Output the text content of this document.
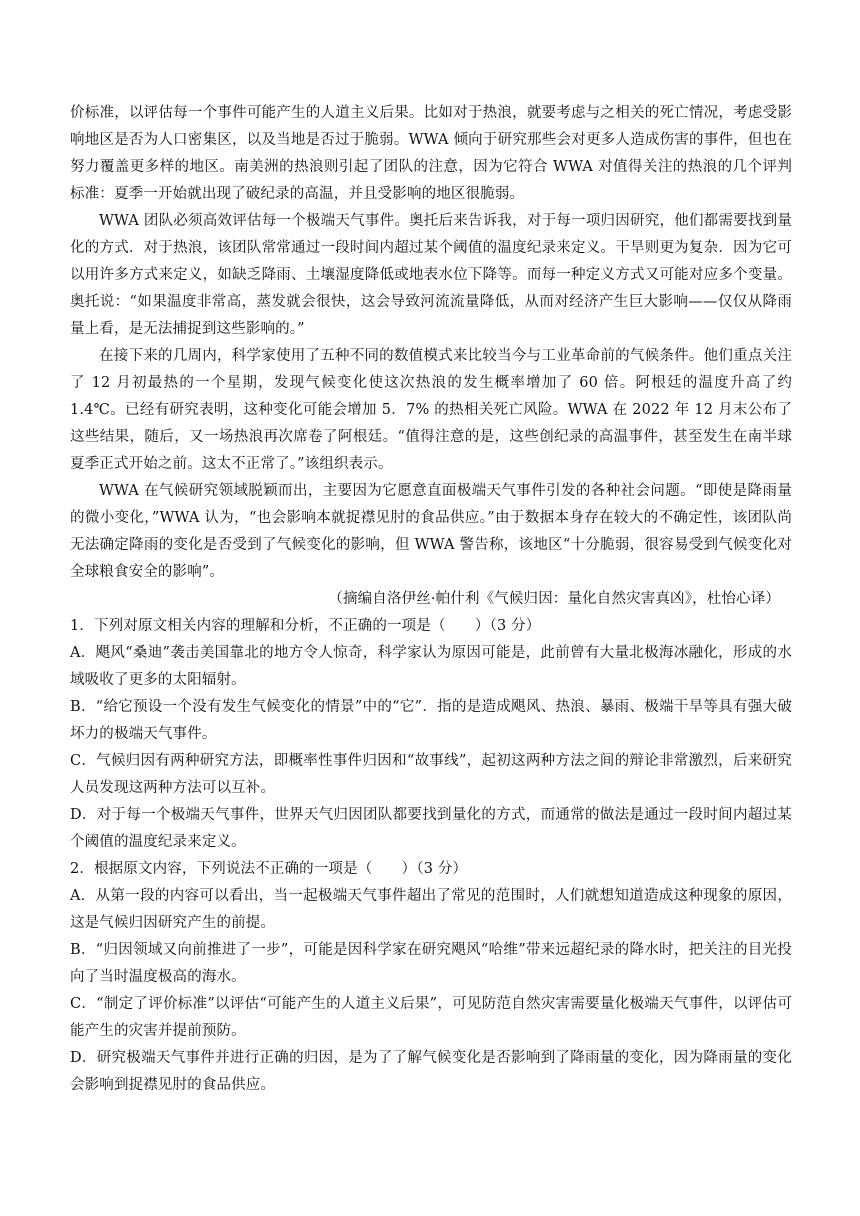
价标准，以评估每一个事件可能产生的人道主义后果。比如对于热浪，就要考虑与之相关的死亡情况，考虑受影响地区是否为人口密集区，以及当地是否过于脆弱。WWA 倾向于研究那些会对更多人造成伤害的事件，但也在努力覆盖更多样的地区。南美洲的热浪则引起了团队的注意，因为它符合 WWA 对值得关注的热浪的几个评判标准：夏季一开始就出现了破纪录的高温，并且受影响的地区很脆弱。

WWA 团队必须高效评估每一个极端天气事件。奥托后来告诉我，对于每一项归因研究，他们都需要找到量化的方式．对于热浪，该团队常常通过一段时间内超过某个阈值的温度纪录来定义。干旱则更为复杂．因为它可以用许多方式来定义，如缺乏降雨、土壤湿度降低或地表水位下降等。而每一种定义方式又可能对应多个变量。奥托说：“如果温度非常高，蒸发就会很快，这会导致河流流量降低，从而对经济产生巨大影响——仅仅从降雨量上看，是无法捕捉到这些影响的。”

在接下来的几周内，科学家使用了五种不同的数值模式来比较当今与工业革命前的气候条件。他们重点关注了 12 月初最热的一个星期，发现气候变化使这次热浪的发生概率增加了 60 倍。阿根廷的温度升高了约 1.4℃。已经有研究表明，这种变化可能会增加 5．7% 的热相关死亡风险。WWA 在 2022 年 12 月末公布了这些结果，随后，又一场热浪再次席卷了阿根廷。“值得注意的是，这些创纪录的高温事件，甚至发生在南半球夏季正式开始之前。这太不正常了。”该组织表示。

WWA 在气候研究领域脱颖而出，主要因为它愿意直面极端天气事件引发的各种社会问题。“即使是降雨量的微小变化，”WWA 认为，“也会影响本就捉襟见肘的食品供应。”由于数据本身存在较大的不确定性，该团队尚无法确定降雨的变化是否受到了气候变化的影响，但 WWA 警告称，该地区“十分脆弱，很容易受到气候变化对全球粮食安全的影响”。

（摘编自洛伊丝·帕什利《气候归因：量化自然灾害真凶》，杜怡心译）

1．下列对原文相关内容的理解和分析，不正确的一项是（　　）（3 分）

A．飓风“桑迪”袭击美国靠北的地方令人惊奇，科学家认为原因可能是，此前曾有大量北极海冰融化，形成的水域吸收了更多的太阳辐射。

B．“给它预设一个没有发生气候变化的情景”中的“它”．指的是造成飓风、热浪、暴雨、极端干旱等具有强大破坏力的极端天气事件。

C．气候归因有两种研究方法，即概率性事件归因和“故事线”，起初这两种方法之间的辩论非常激烈，后来研究人员发现这两种方法可以互补。

D．对于每一个极端天气事件，世界天气归因团队都要找到量化的方式，而通常的做法是通过一段时间内超过某个阈值的温度纪录来定义。

2．根据原文内容，下列说法不正确的一项是（　　）（3 分）

A．从第一段的内容可以看出，当一起极端天气事件超出了常见的范围时，人们就想知道造成这种现象的原因，这是气候归因研究产生的前提。

B．“归因领域又向前推进了一步”，可能是因科学家在研究飓风“哈维”带来远超纪录的降水时，把关注的目光投向了当时温度极高的海水。

C．“制定了评价标准”以评估“可能产生的人道主义后果”，可见防范自然灾害需要量化极端天气事件，以评估可能产生的灾害并提前预防。

D．研究极端天气事件并进行正确的归因，是为了了解气候变化是否影响到了降雨量的变化，因为降雨量的变化会影响到捉襟见肘的食品供应。
